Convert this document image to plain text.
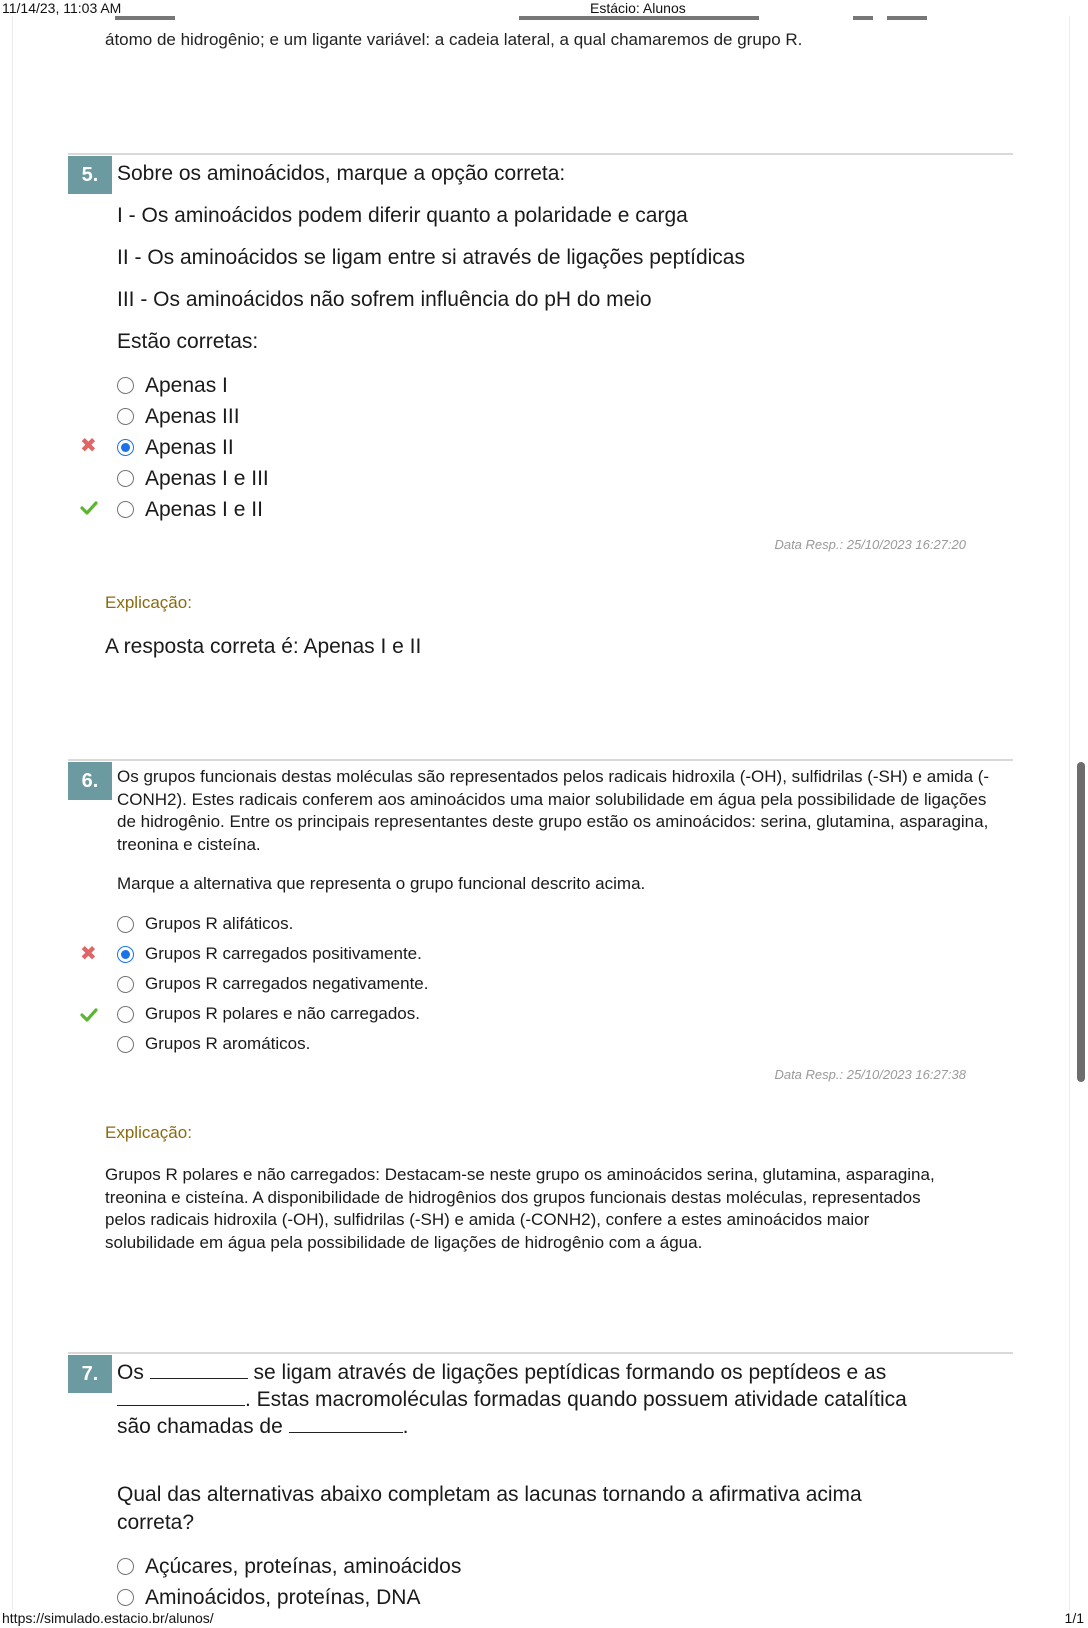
11/14/23, 11:03 AM	Estácio: Alunos
átomo de hidrogênio; e um ligante variável: a cadeia lateral, a qual chamaremos de grupo R.
5. Sobre os aminoácidos, marque a opção correta:

I - Os aminoácidos podem diferir quanto a polaridade e carga

II - Os aminoácidos se ligam entre si através de ligações peptídicas

III - Os aminoácidos não sofrem influência do pH do meio

Estão corretas:

Apenas I
Apenas III
✖ Apenas II
Apenas I e III
Apenas I e II
Data Resp.: 25/10/2023 16:27:20
Explicação:
A resposta correta é: Apenas I e II
6.	Os grupos funcionais destas moléculas são representados pelos radicais hidroxila (-OH), sulfidrilas (-SH) e amida (-CONH2). Estes radicais conferem aos aminoácidos uma maior solubilidade em água pela possibilidade de ligações de hidrogênio. Entre os principais representantes deste grupo estão os aminoácidos: serina, glutamina, asparagina, treonina e cisteína.

Marque a alternativa que representa o grupo funcional descrito acima.

Grupos R alifáticos.
✖	Grupos R carregados positivamente.
Grupos R carregados negativamente.
Grupos R polares e não carregados.
Grupos R aromáticos.
Data Resp.: 25/10/2023 16:27:38
Explicação:
Grupos R polares e não carregados: Destacam-se neste grupo os aminoácidos serina, glutamina, asparagina, treonina e cisteína. A disponibilidade de hidrogênios dos grupos funcionais destas moléculas, representados pelos radicais hidroxila (-OH), sulfidrilas (-SH) e amida (-CONH2), confere a estes aminoácidos maior solubilidade em água pela possibilidade de ligações de hidrogênio com a água.
7. Os	se ligam através de ligações peptídicas formando os peptídeos e as . Estas macromoléculas formadas quando possuem atividade catalítica são chamadas de	.

Qual das alternativas abaixo completam as lacunas tornando a afirmativa acima correta?

Açúcares, proteínas, aminoácidos
Aminoácidos, proteínas, DNA
https://simulado.estacio.br/alunos/	1/1
